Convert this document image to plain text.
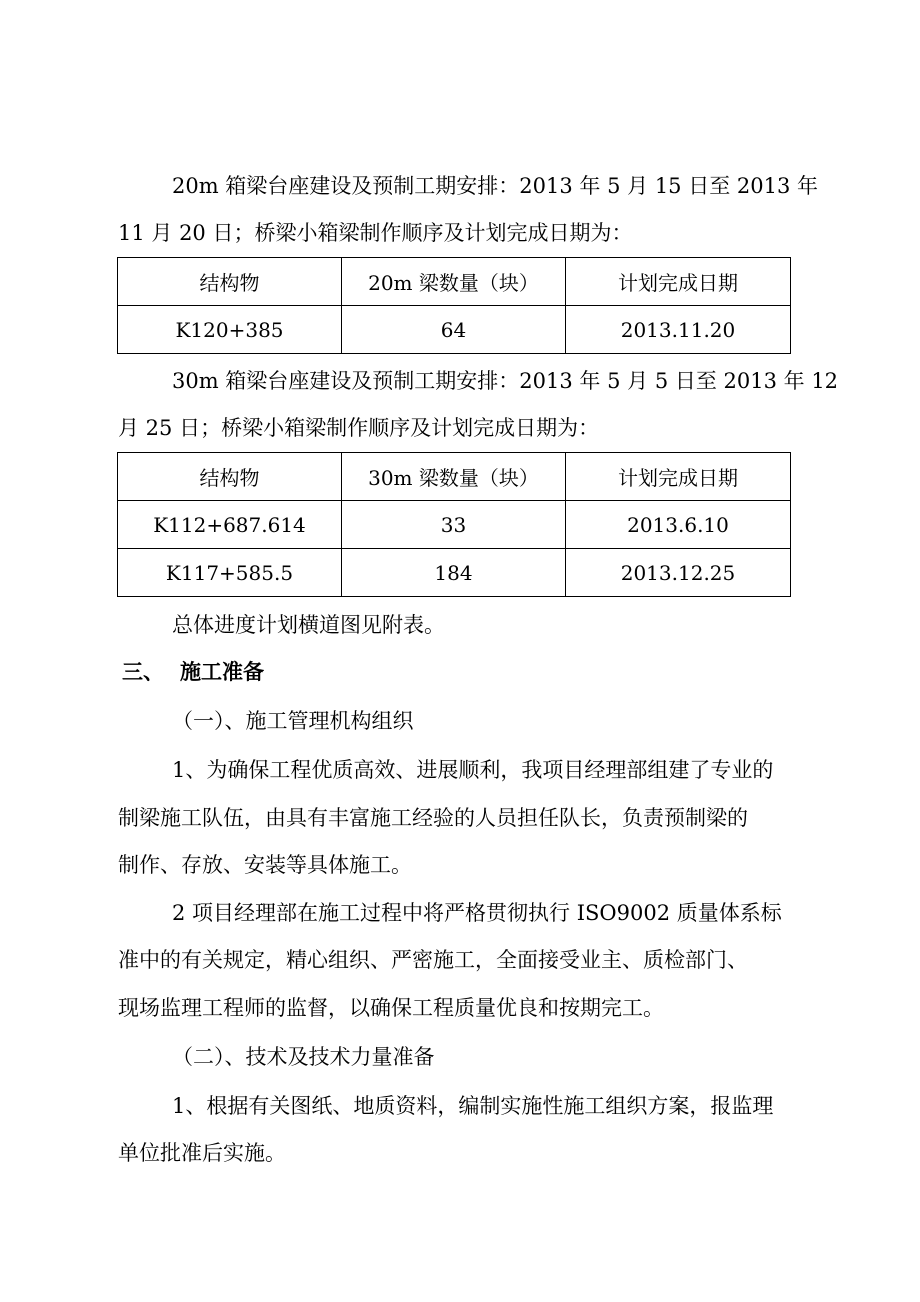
20m 箱梁台座建设及预制工期安排：2013 年 5 月 15 日至 2013 年
11 月 20 日；桥梁小箱梁制作顺序及计划完成日期为：
结构物	20m 梁数量（块）	计划完成日期
K120+385	64	2013.11.20
30m 箱梁台座建设及预制工期安排：2013 年 5 月 5 日至 2013 年 12
月 25 日；桥梁小箱梁制作顺序及计划完成日期为：
结构物	30m 梁数量（块）	计划完成日期
K112+687.614	33	2013.6.10
K117+585.5	184	2013.12.25
总体进度计划横道图见附表。
三、 施工准备
（一）、施工管理机构组织
1、为确保工程优质高效、进展顺利，我项目经理部组建了专业的
制梁施工队伍，由具有丰富施工经验的人员担任队长，负责预制梁的
制作、存放、安装等具体施工。
2 项目经理部在施工过程中将严格贯彻执行 ISO9002 质量体系标
准中的有关规定，精心组织、严密施工，全面接受业主、质检部门、
现场监理工程师的监督，以确保工程质量优良和按期完工。
（二）、技术及技术力量准备
1、根据有关图纸、地质资料，编制实施性施工组织方案，报监理
单位批准后实施。
